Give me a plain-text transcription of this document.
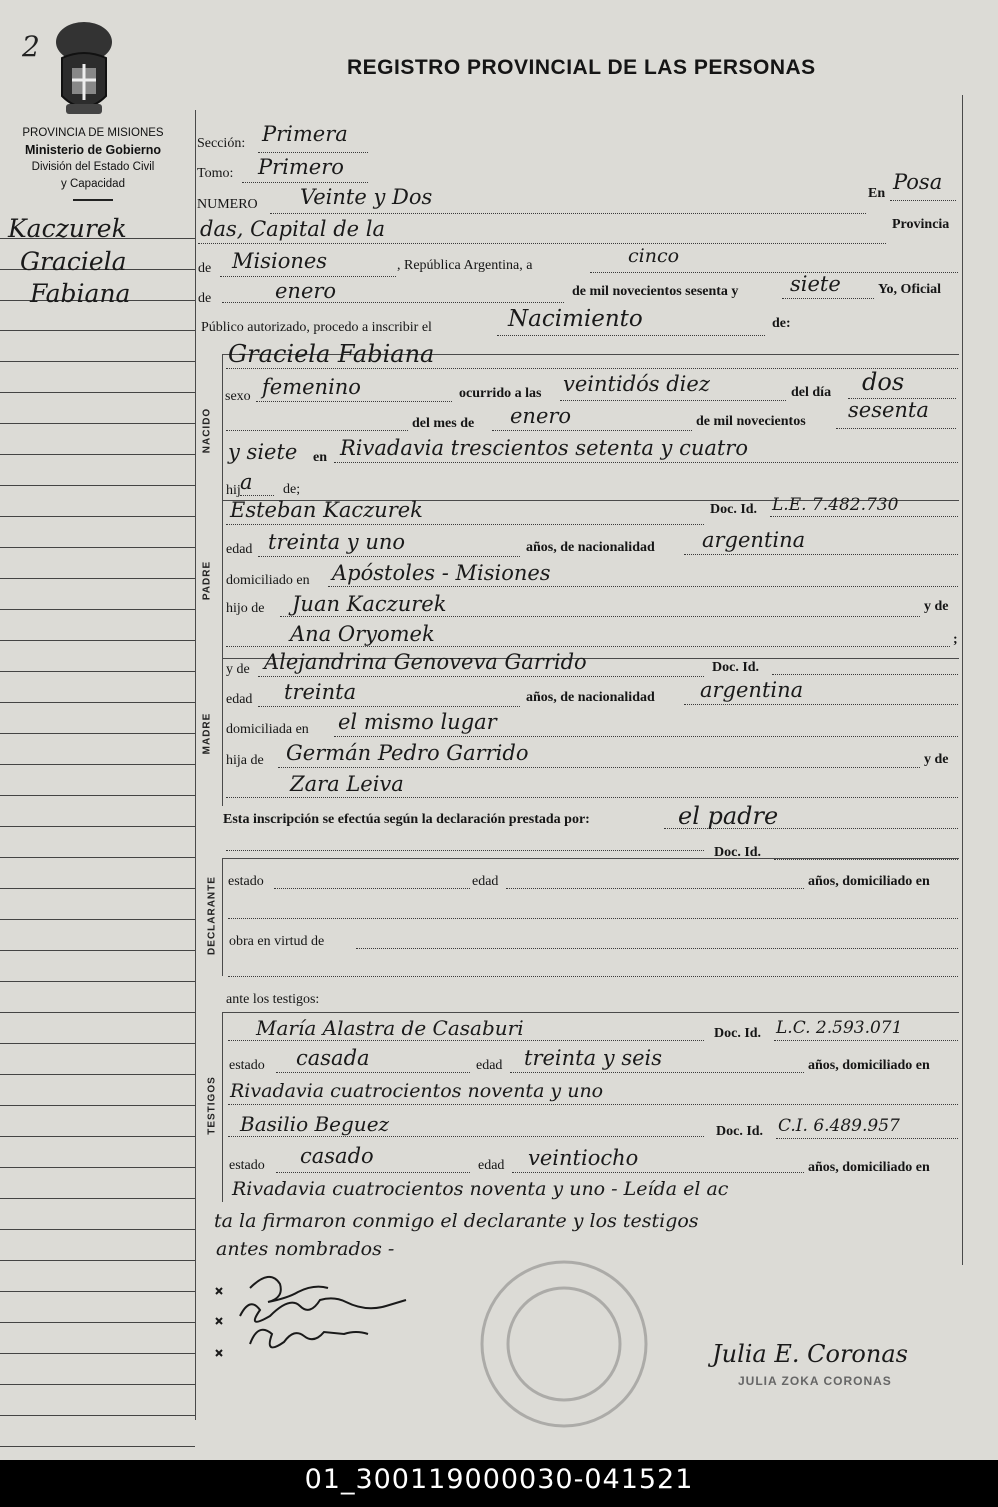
2
PROVINCIA DE MISIONES
Ministerio de Gobierno
División del Estado Civil
y Capacidad
REGISTRO PROVINCIAL DE LAS PERSONAS
Kaczurek
Graciela
Fabiana
Sección: Primera
Tomo: Primero
NUMERO Veinte y Dos	En Posa
das, Capital de la	Provincia
de Misiones	, República Argentina, a	cinco
de	enero	de mil novecientos sesenta y siete	Yo, Oficial
Público autorizado, procedo a inscribir el	Nacimiento	de:
NACIDO
Graciela Fabiana
sexo femenino	ocurrido a las veintidós diez	del día dos
del mes de enero	de mil novecientos sesenta
y siete en Rivadavia trescientos setenta y cuatro
hij a de;
PADRE
Esteban Kaczurek	Doc. Id. L.E. 7.482.730
edad treinta y uno	años, de nacionalidad argentina
domiciliado en Apóstoles - Misiones
hijo de Juan Kaczurek	y de
Ana Oryomek	;
MADRE
y de Alejandrina Genoveva Garrido	Doc. Id.
edad treinta	años, de nacionalidad argentina
domiciliada en el mismo lugar
hija de Germán Pedro Garrido	y de
Zara Leiva
Esta inscripción se efectúa según la declaración prestada por:	el padre
DECLARANTE
Doc. Id.
estado	edad	años, domiciliado en
obra en virtud de
ante los testigos:
TESTIGOS
María Alastra de Casaburi	Doc. Id. L.C. 2.593.071
estado casada	edad treinta y seis	años, domiciliado en
Rivadavia cuatrocientos noventa y uno
Basilio Beguez	Doc. Id. C.I. 6.489.957
estado casado	edad veintiocho	años, domiciliado en
Rivadavia cuatrocientos noventa y uno - Leída el ac
ta la firmaron conmigo el declarante y los testigos
antes nombrados -
Julia E. Coronas
JULIA ZOKA CORONAS
01_300119000030-041521
